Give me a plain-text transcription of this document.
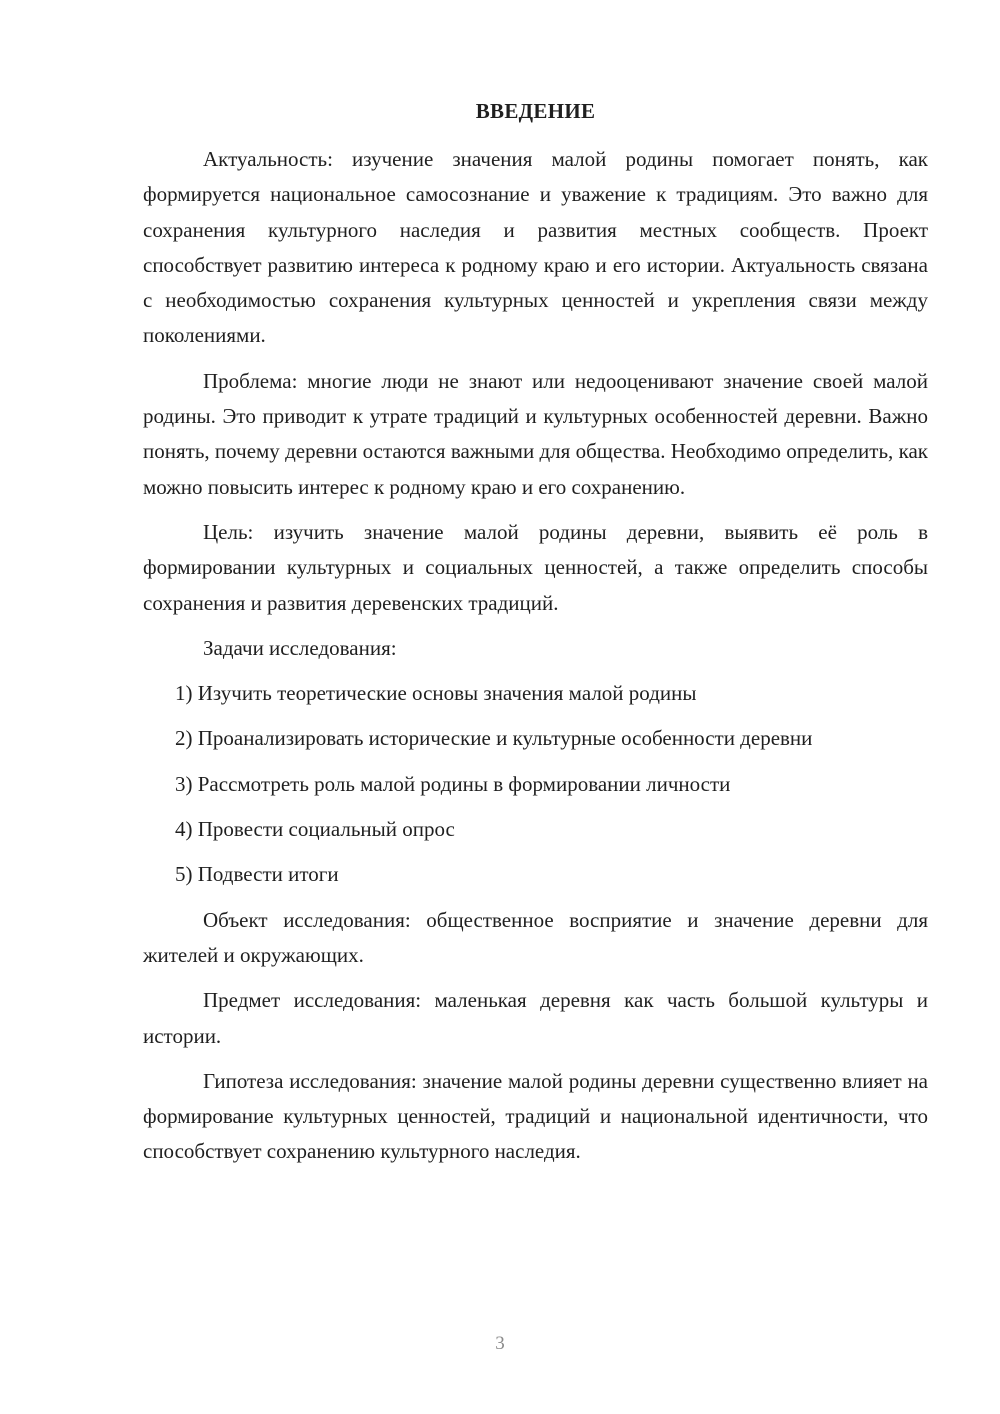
ВВЕДЕНИЕ

Актуальность: изучение значения малой родины помогает понять, как формируется национальное самосознание и уважение к традициям. Это важно для сохранения культурного наследия и развития местных сообществ. Проект способствует развитию интереса к родному краю и его истории. Актуальность связана с необходимостью сохранения культурных ценностей и укрепления связи между поколениями.

Проблема: многие люди не знают или недооценивают значение своей малой родины. Это приводит к утрате традиций и культурных особенностей деревни. Важно понять, почему деревни остаются важными для общества. Необходимо определить, как можно повысить интерес к родному краю и его сохранению.

Цель: изучить значение малой родины деревни, выявить её роль в формировании культурных и социальных ценностей, а также определить способы сохранения и развития деревенских традиций.

Задачи исследования:

1) Изучить теоретические основы значения малой родины

2) Проанализировать исторические и культурные особенности деревни

3) Рассмотреть роль малой родины в формировании личности

4) Провести социальный опрос

5) Подвести итоги

Объект исследования: общественное восприятие и значение деревни для жителей и окружающих.

Предмет исследования: маленькая деревня как часть большой культуры и истории.

Гипотеза исследования: значение малой родины деревни существенно влияет на формирование культурных ценностей, традиций и национальной идентичности, что способствует сохранению культурного наследия.

3
